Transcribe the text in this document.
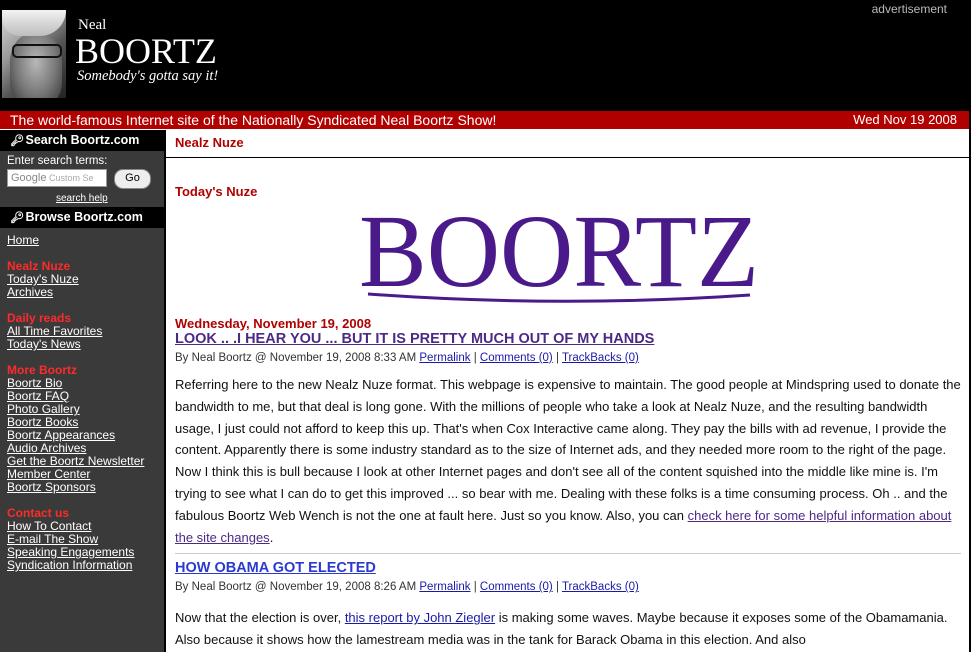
Neal
BOORTZ
Somebody's gotta say it!
advertisement
The world-famous Internet site of the Nationally Syndicated Neal Boortz Show!	Wed Nov 19 2008
🔑︎ Search Boortz.com
Enter search terms:
Google Custom Se	Go
search help
🔑︎ Browse Boortz.com
Home
Nealz Nuze
Today's Nuze
Archives
Daily reads
All Time Favorites
Today's News
More Boortz
Boortz Bio
Boortz FAQ
Photo Gallery
Boortz Books
Boortz Appearances
Audio Archives
Get the Boortz Newsletter
Member Center
Boortz Sponsors
Contact us
How To Contact
E-mail The Show
Speaking Engagements
Syndication Information
Nealz Nuze
Today's Nuze
BOORTZ
Wednesday, November 19, 2008
LOOK .. .I HEAR YOU ... BUT IT IS PRETTY MUCH OUT OF MY HANDS
By Neal Boortz @ November 19, 2008 8:33 AM Permalink | Comments (0) | TrackBacks (0)
Referring here to the new Nealz Nuze format. This webpage is expensive to maintain. The good people at Mindspring used to donate the bandwidth to me, but that deal is long gone. With the millions of people who take a look at Nealz Nuze, and the resulting bandwidth usage, I just could not afford to keep this up. That's when Cox Interactive came along. They pay the bills with ad revenue, I provide the content. Apparently there is some industry standard as to the size of Internet ads, and they needed more room to the right of the page. Now I think this is bull because I look at other Internet pages and don't see all of the content squished into the middle like mine is. I'm trying to see what I can do to get this improved ... so bear with me. Dealing with these folks is a time consuming process. Oh .. and the fabulous Boortz Web Wench is not the one at fault here. Just so you know. Also, you can check here for some helpful information about the site changes.
HOW OBAMA GOT ELECTED
By Neal Boortz @ November 19, 2008 8:26 AM Permalink | Comments (0) | TrackBacks (0)
Now that the election is over, this report by John Ziegler is making some waves. Maybe because it exposes some of the Obamamania. Also because it shows how the lamestream media was in the tank for Barack Obama in this election. And also
